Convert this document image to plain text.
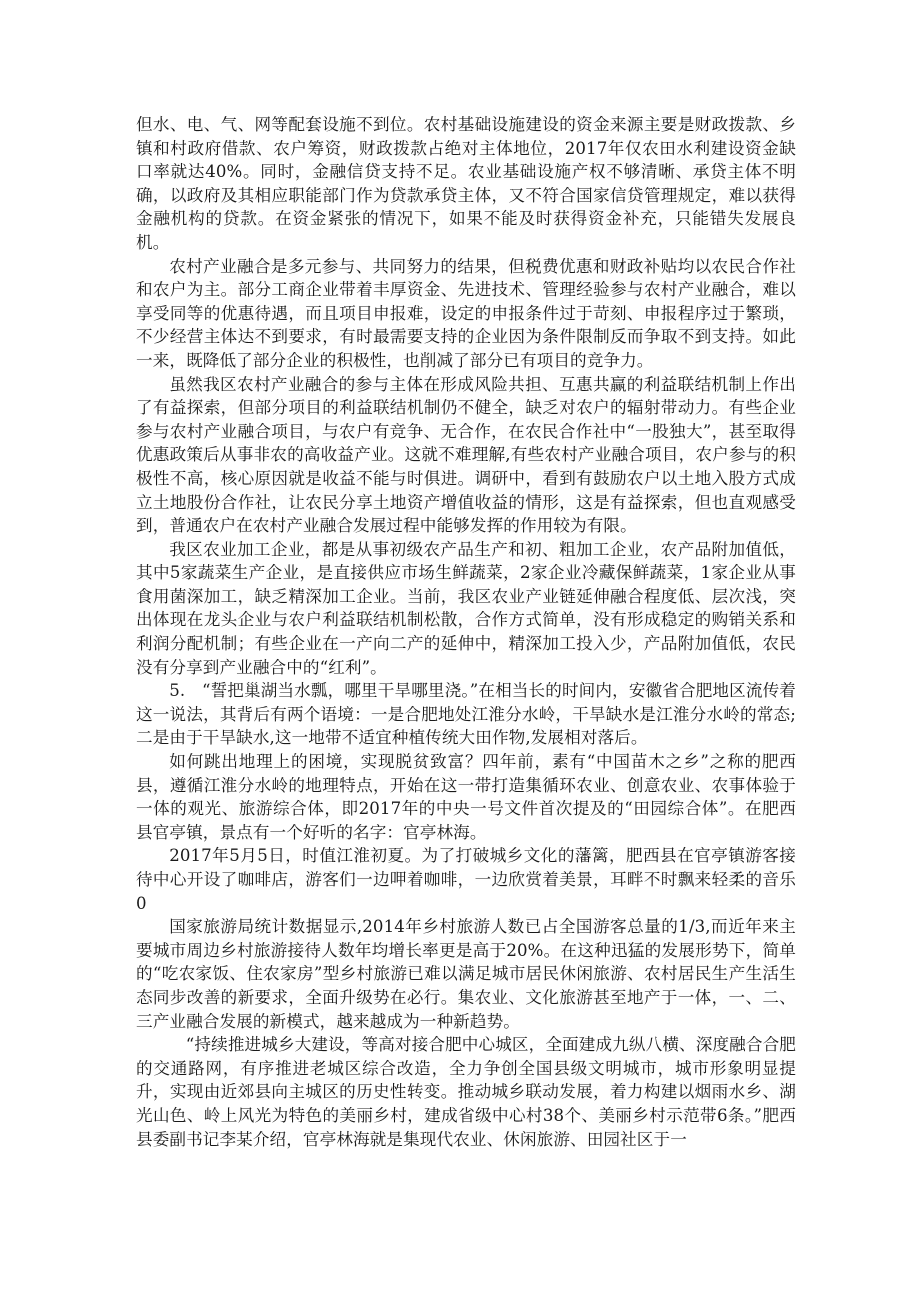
但水、电、气、网等配套设施不到位。农村基础设施建设的资金来源主要是财政拨款、乡镇和村政府借款、农户筹资，财政拨款占绝对主体地位，2017年仅农田水利建设资金缺口率就达40%。同时，金融信贷支持不足。农业基础设施产权不够清晰、承贷主体不明确，以政府及其相应职能部门作为贷款承贷主体，又不符合国家信贷管理规定，难以获得金融机构的贷款。在资金紧张的情况下，如果不能及时获得资金补充，只能错失发展良机。

农村产业融合是多元参与、共同努力的结果，但税费优惠和财政补贴均以农民合作社和农户为主。部分工商企业带着丰厚资金、先进技术、管理经验参与农村产业融合，难以享受同等的优惠待遇，而且项目申报难，设定的申报条件过于苛刻、申报程序过于繁琐，不少经营主体达不到要求，有时最需要支持的企业因为条件限制反而争取不到支持。如此一来，既降低了部分企业的积极性，也削减了部分已有项目的竞争力。

虽然我区农村产业融合的参与主体在形成风险共担、互惠共赢的利益联结机制上作出了有益探索，但部分项目的利益联结机制仍不健全，缺乏对农户的辐射带动力。有些企业参与农村产业融合项目，与农户有竞争、无合作，在农民合作社中“一股独大”，甚至取得优惠政策后从事非农的高收益产业。这就不难理解,有些农村产业融合项目，农户参与的积极性不高，核心原因就是收益不能与时俱进。调研中，看到有鼓励农户以土地入股方式成立土地股份合作社，让农民分享土地资产增值收益的情形，这是有益探索，但也直观感受到，普通农户在农村产业融合发展过程中能够发挥的作用较为有限。

我区农业加工企业，都是从事初级农产品生产和初、粗加工企业，农产品附加值低，其中5家蔬菜生产企业，是直接供应市场生鲜蔬菜，2家企业冷藏保鲜蔬菜，1家企业从事食用菌深加工，缺乏精深加工企业。当前，我区农业产业链延伸融合程度低、层次浅，突出体现在龙头企业与农户利益联结机制松散，合作方式简单，没有形成稳定的购销关系和利润分配机制；有些企业在一产向二产的延伸中，精深加工投入少，产品附加值低，农民没有分享到产业融合中的“红利”。

5.　“誓把巢湖当水瓢，哪里干旱哪里浇。”在相当长的时间内，安徽省合肥地区流传着这一说法，其背后有两个语境：一是合肥地处江淮分水岭，干旱缺水是江淮分水岭的常态;二是由于干旱缺水,这一地带不适宜种植传统大田作物,发展相对落后。

如何跳出地理上的困境，实现脱贫致富？四年前，素有“中国苗木之乡”之称的肥西县，遵循江淮分水岭的地理特点，开始在这一带打造集循环农业、创意农业、农事体验于一体的观光、旅游综合体，即2017年的中央一号文件首次提及的“田园综合体”。在肥西县官亭镇，景点有一个好听的名字：官亭林海。

2017年5月5日，时值江淮初夏。为了打破城乡文化的藩篱，肥西县在官亭镇游客接待中心开设了咖啡店，游客们一边呷着咖啡，一边欣赏着美景，耳畔不时飘来轻柔的音乐0

国家旅游局统计数据显示,2014年乡村旅游人数已占全国游客总量的1/3,而近年来主要城市周边乡村旅游接待人数年均增长率更是高于20%。在这种迅猛的发展形势下，简单的“吃农家饭、住农家房”型乡村旅游已难以满足城市居民休闲旅游、农村居民生产生活生态同步改善的新要求，全面升级势在必行。集农业、文化旅游甚至地产于一体，一、二、三产业融合发展的新模式，越来越成为一种新趋势。

“持续推进城乡大建设，等高对接合肥中心城区，全面建成九纵八横、深度融合合肥的交通路网，有序推进老城区综合改造，全力争创全国县级文明城市，城市形象明显提升，实现由近郊县向主城区的历史性转变。推动城乡联动发展，着力构建以烟雨水乡、湖光山色、岭上风光为特色的美丽乡村，建成省级中心村38个、美丽乡村示范带6条。”肥西县委副书记李某介绍，官亭林海就是集现代农业、休闲旅游、田园社区于一
